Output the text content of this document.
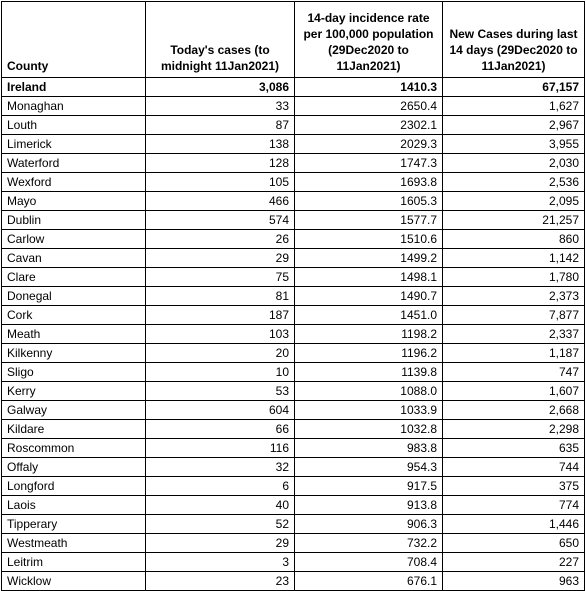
County	Today's cases (to midnight 11Jan2021)	14-day incidence rate per 100,000 population (29Dec2020 to 11Jan2021)	New Cases during last 14 days (29Dec2020 to 11Jan2021)
Ireland	3,086	1410.3	67,157
Monaghan	33	2650.4	1,627
Louth	87	2302.1	2,967
Limerick	138	2029.3	3,955
Waterford	128	1747.3	2,030
Wexford	105	1693.8	2,536
Mayo	466	1605.3	2,095
Dublin	574	1577.7	21,257
Carlow	26	1510.6	860
Cavan	29	1499.2	1,142
Clare	75	1498.1	1,780
Donegal	81	1490.7	2,373
Cork	187	1451.0	7,877
Meath	103	1198.2	2,337
Kilkenny	20	1196.2	1,187
Sligo	10	1139.8	747
Kerry	53	1088.0	1,607
Galway	604	1033.9	2,668
Kildare	66	1032.8	2,298
Roscommon	116	983.8	635
Offaly	32	954.3	744
Longford	6	917.5	375
Laois	40	913.8	774
Tipperary	52	906.3	1,446
Westmeath	29	732.2	650
Leitrim	3	708.4	227
Wicklow	23	676.1	963
